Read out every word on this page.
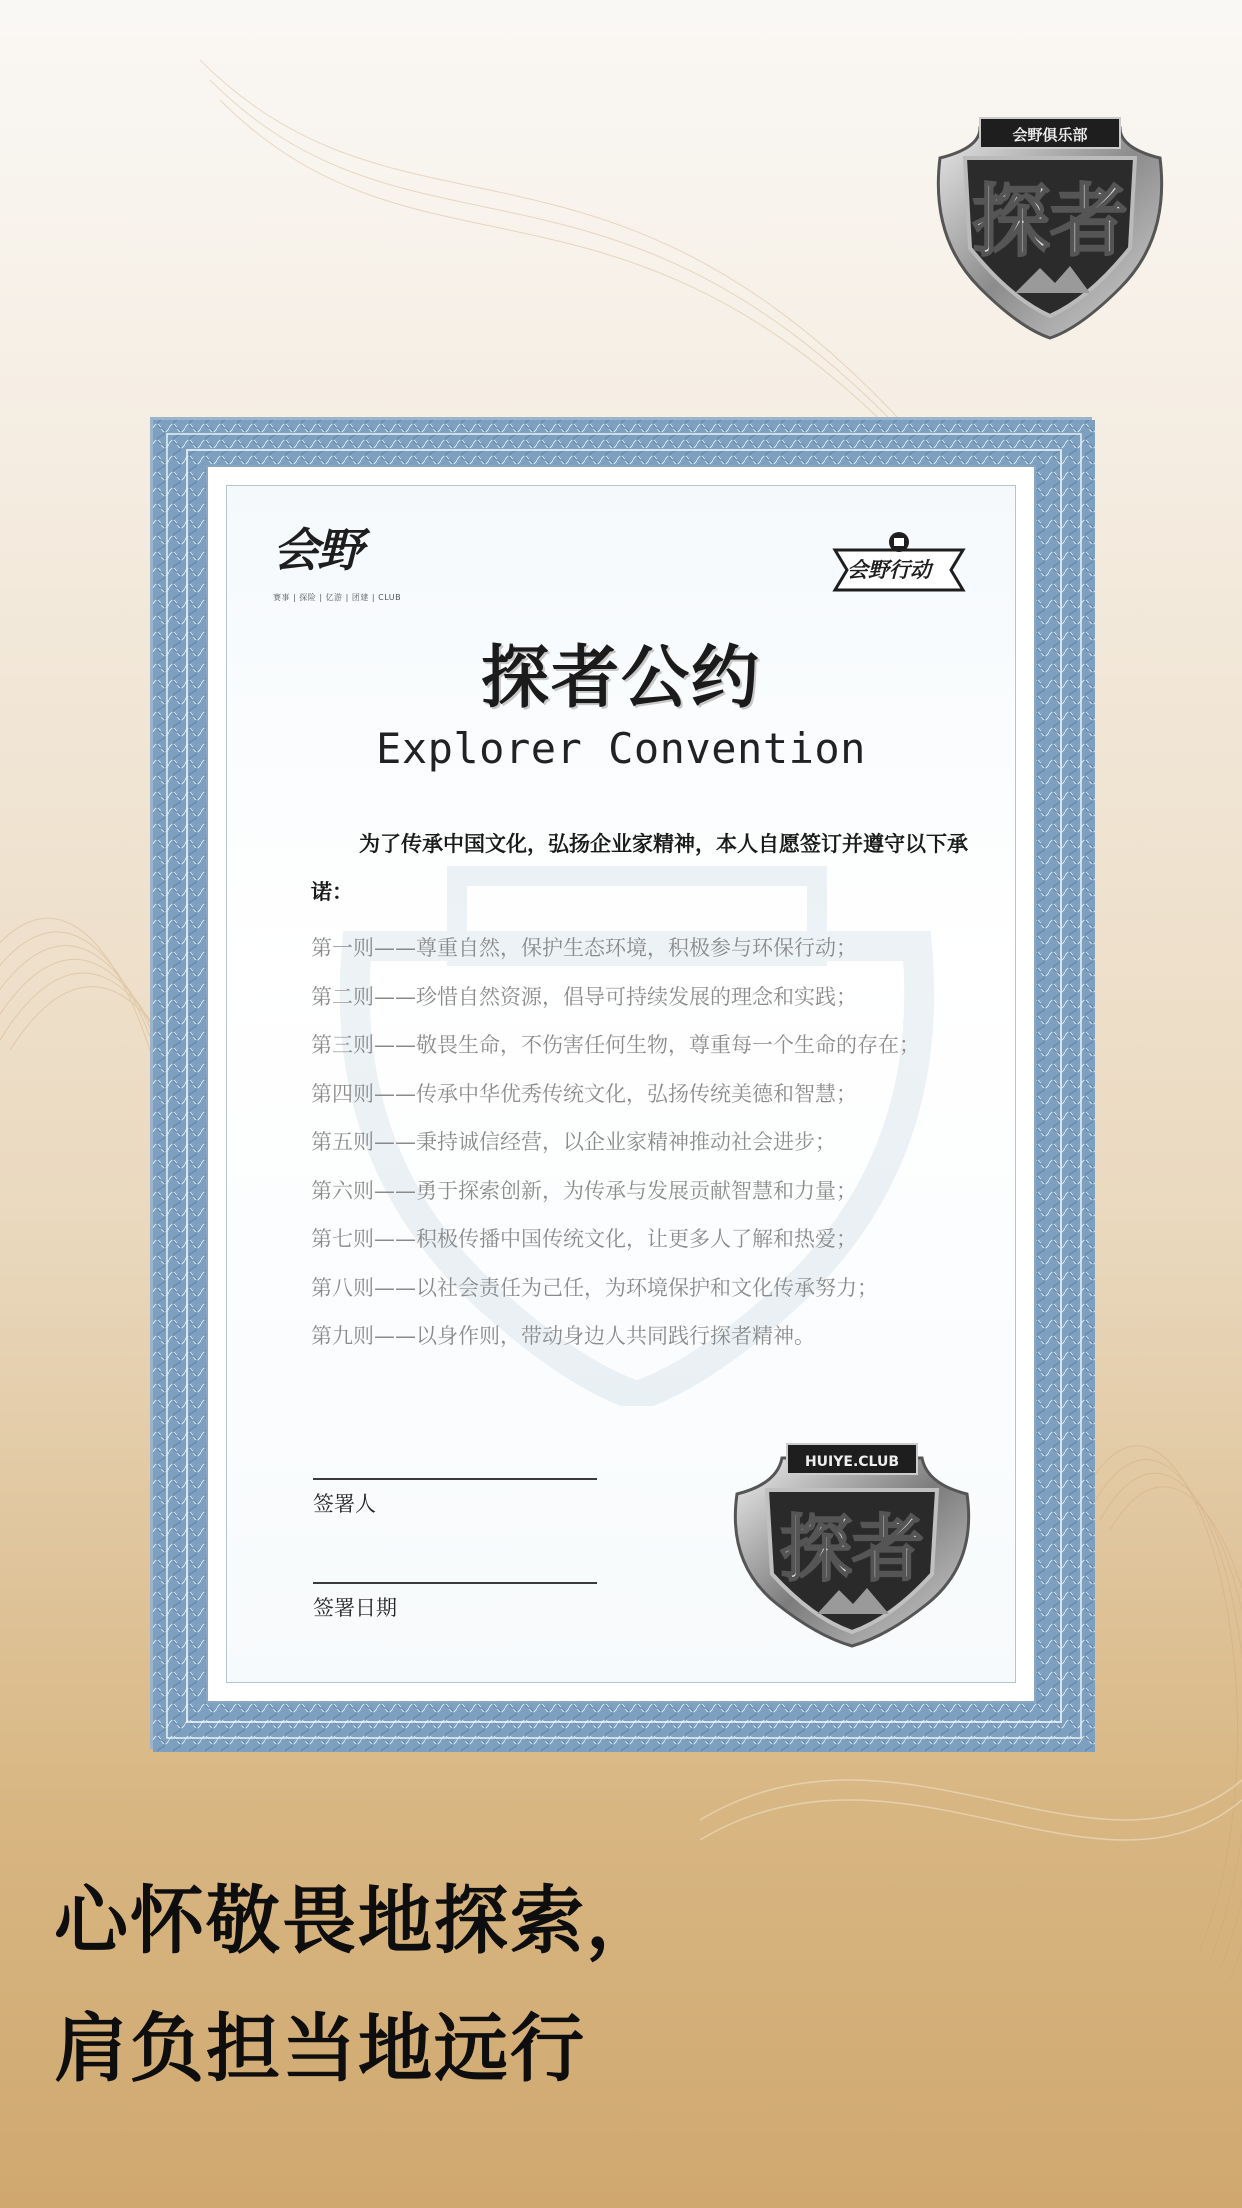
会野俱乐部
探者
会野
赛事 | 探险 | 亿游 | 团建 | CLUB
会野行动
探者公约
Explorer Convention
为了传承中国文化，弘扬企业家精神，本人自愿签订并遵守以下承诺：
第一则——尊重自然，保护生态环境，积极参与环保行动；
第二则——珍惜自然资源，倡导可持续发展的理念和实践；
第三则——敬畏生命，不伤害任何生物，尊重每一个生命的存在；
第四则——传承中华优秀传统文化，弘扬传统美德和智慧；
第五则——秉持诚信经营，以企业家精神推动社会进步；
第六则——勇于探索创新，为传承与发展贡献智慧和力量；
第七则——积极传播中国传统文化，让更多人了解和热爱；
第八则——以社会责任为己任，为环境保护和文化传承努力；
第九则——以身作则，带动身边人共同践行探者精神。
签署人
签署日期
HUIYE.CLUB
探者
心怀敬畏地探索，
肩负担当地远行
